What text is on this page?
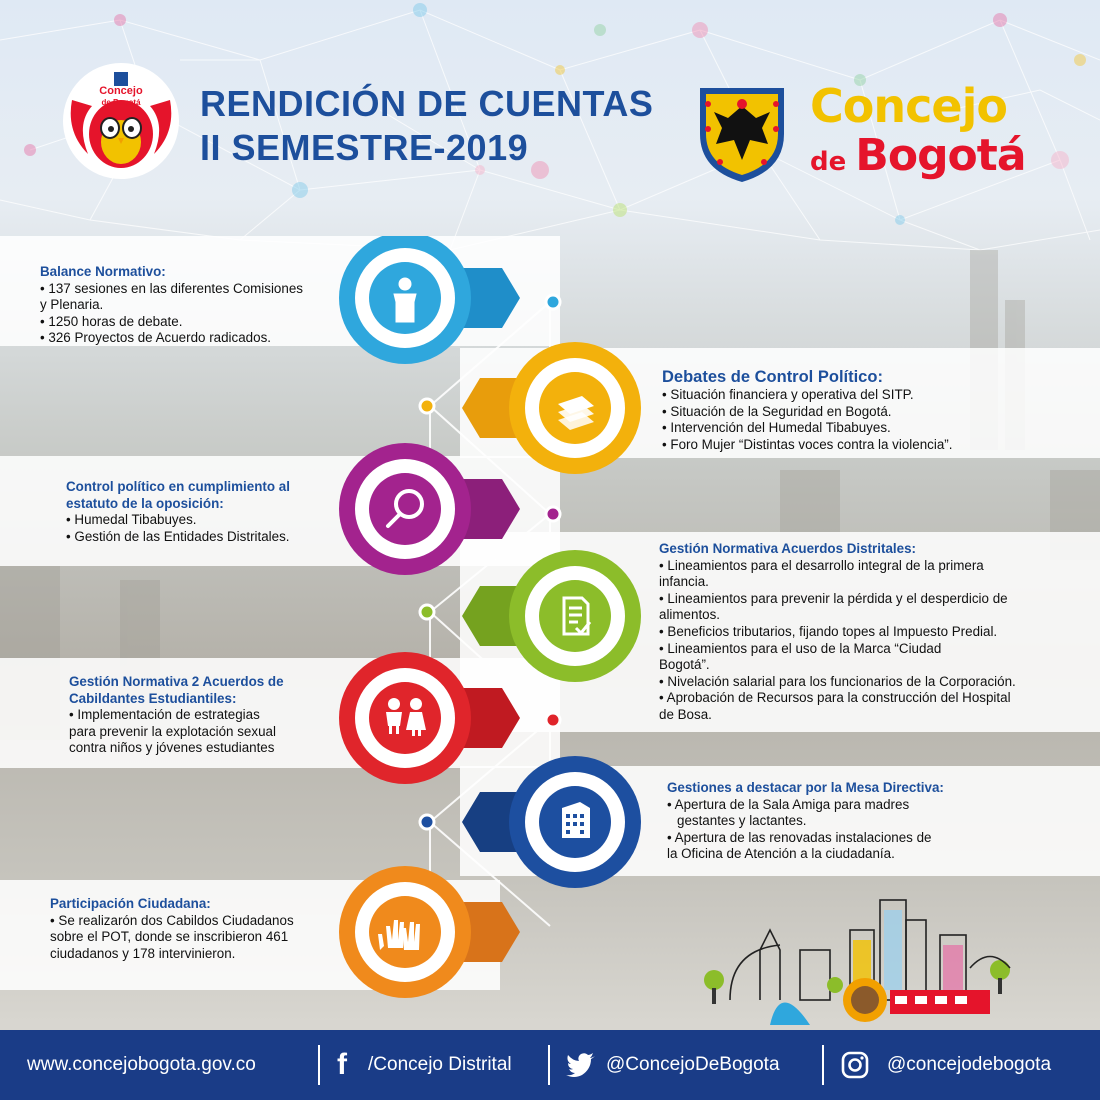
Concejo
de Bogotá RENDICIÓN DE CUENTAS
II SEMESTRE-2019
Concejo
de Bogotá
Balance Normativo:
• 137 sesiones en las diferentes Comisiones
y Plenaria.
• 1250 horas de debate.
• 326 Proyectos de Acuerdo radicados.
Debates de Control Político:
• Situación financiera y operativa del SITP.
• Situación de la Seguridad en Bogotá.
• Intervención del Humedal Tibabuyes.
• Foro Mujer “Distintas voces contra la violencia”.
Control político en cumplimiento al
estatuto de la oposición:
• Humedal Tibabuyes.
• Gestión de las Entidades Distritales.
Gestión Normativa Acuerdos Distritales:
• Lineamientos para el desarrollo integral de la primera
infancia.
• Lineamientos para prevenir la pérdida y el desperdicio de
alimentos.
• Beneficios tributarios, fijando topes al Impuesto Predial.
• Lineamientos para el uso de la Marca “Ciudad
Bogotá”.
• Nivelación salarial para los funcionarios de la Corporación.
• Aprobación de Recursos para la construcción del Hospital
de Bosa.
Gestión Normativa 2 Acuerdos de
Cabildantes Estudiantiles:
• Implementación de estrategias
para prevenir la explotación sexual
contra niños y jóvenes estudiantes
Gestiones a destacar por la Mesa Directiva:
• Apertura de la Sala Amiga para madres
gestantes y lactantes.
• Apertura de las renovadas instalaciones de
la Oficina de Atención a la ciudadanía.
Participación Ciudadana:
• Se realizarón dos Cabildos Ciudadanos
sobre el POT, donde se inscribieron 461
ciudadanos y 178 intervinieron.
www.concejobogota.gov.co	f /Concejo Distrital	@ConcejoDeBogota	@concejodebogota
